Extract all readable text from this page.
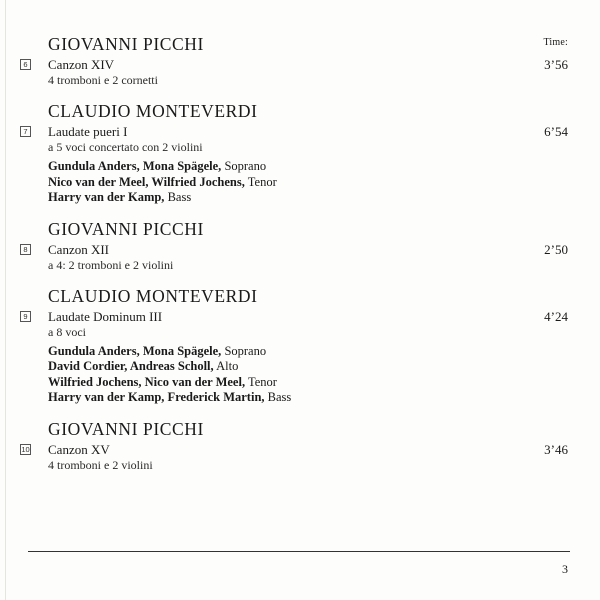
Time:
GIOVANNI PICCHI
6 Canzon XIV	3’56
4 tromboni e 2 cornetti
CLAUDIO MONTEVERDI
7 Laudate pueri I	6’54
a 5 voci concertato con 2 violini
Gundula Anders, Mona Spägele, Soprano
Nico van der Meel, Wilfried Jochens, Tenor
Harry van der Kamp, Bass
GIOVANNI PICCHI
8 Canzon XII	2’50
a 4: 2 tromboni e 2 violini
CLAUDIO MONTEVERDI
9 Laudate Dominum III	4’24
a 8 voci
Gundula Anders, Mona Spägele, Soprano
David Cordier, Andreas Scholl, Alto
Wilfried Jochens, Nico van der Meel, Tenor
Harry van der Kamp, Frederick Martin, Bass
GIOVANNI PICCHI
10 Canzon XV	3’46
4 tromboni e 2 violini
3
